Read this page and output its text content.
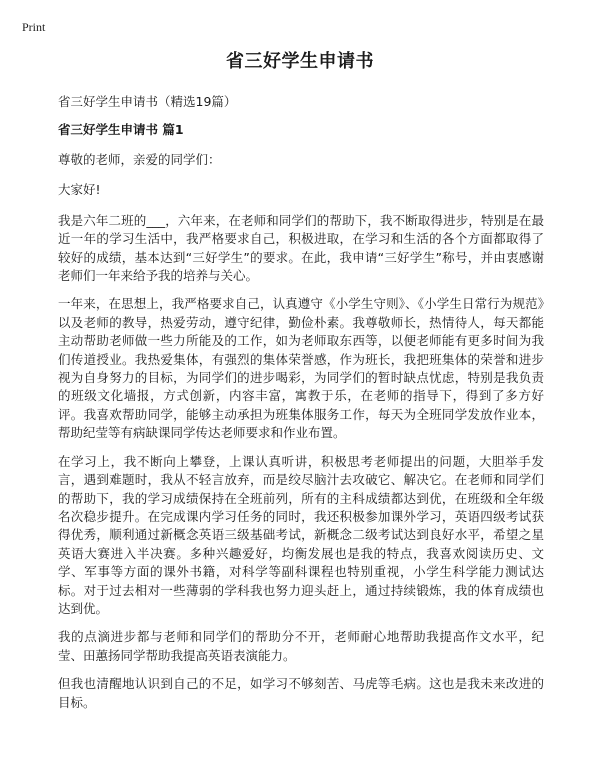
Print
省三好学生申请书
省三好学生申请书（精选19篇）
省三好学生申请书 篇1

尊敬的老师，亲爱的同学们：

大家好!

我是六年二班的___，六年来，在老师和同学们的帮助下，我不断取得进步，特别是在最近一年的学习生活中，我严格要求自己，积极进取，在学习和生活的各个方面都取得了较好的成绩，基本达到“三好学生”的要求。在此，我申请“三好学生”称号，并由衷感谢老师们一年来给予我的培养与关心。

一年来，在思想上，我严格要求自己，认真遵守《小学生守则》、《小学生日常行为规范》以及老师的教导，热爱劳动，遵守纪律，勤俭朴素。我尊敬师长，热情待人，每天都能主动帮助老师做一些力所能及的工作，如为老师取东西等，以便老师能有更多时间为我们传道授业。我热爱集体，有强烈的集体荣誉感，作为班长，我把班集体的荣誉和进步视为自身努力的目标，为同学们的进步喝彩，为同学们的暂时缺点忧虑，特别是我负责的班级文化墙报，方式创新，内容丰富，寓教于乐，在老师的指导下，得到了多方好评。我喜欢帮助同学，能够主动承担为班集体服务工作，每天为全班同学发放作业本，帮助纪莹等有病缺课同学传达老师要求和作业布置。

在学习上，我不断向上攀登，上课认真听讲，积极思考老师提出的问题，大胆举手发言，遇到难题时，我从不轻言放弃，而是绞尽脑汁去攻破它、解决它。在老师和同学们的帮助下，我的学习成绩保持在全班前列，所有的主科成绩都达到优，在班级和全年级名次稳步提升。在完成课内学习任务的同时，我还积极参加课外学习，英语四级考试获得优秀，顺利通过新概念英语三级基础考试，新概念二级考试达到良好水平，希望之星英语大赛进入半决赛。多种兴趣爱好，均衡发展也是我的特点，我喜欢阅读历史、文学、军事等方面的课外书籍，对科学等副科课程也特别重视，小学生科学能力测试达标。对于过去相对一些薄弱的学科我也努力迎头赶上，通过持续锻炼，我的体育成绩也达到优。

我的点滴进步都与老师和同学们的帮助分不开，老师耐心地帮助我提高作文水平，纪莹、田蕙扬同学帮助我提高英语表演能力。

但我也清醒地认识到自己的不足，如学习不够刻苦、马虎等毛病。这也是我未来改进的目标。
